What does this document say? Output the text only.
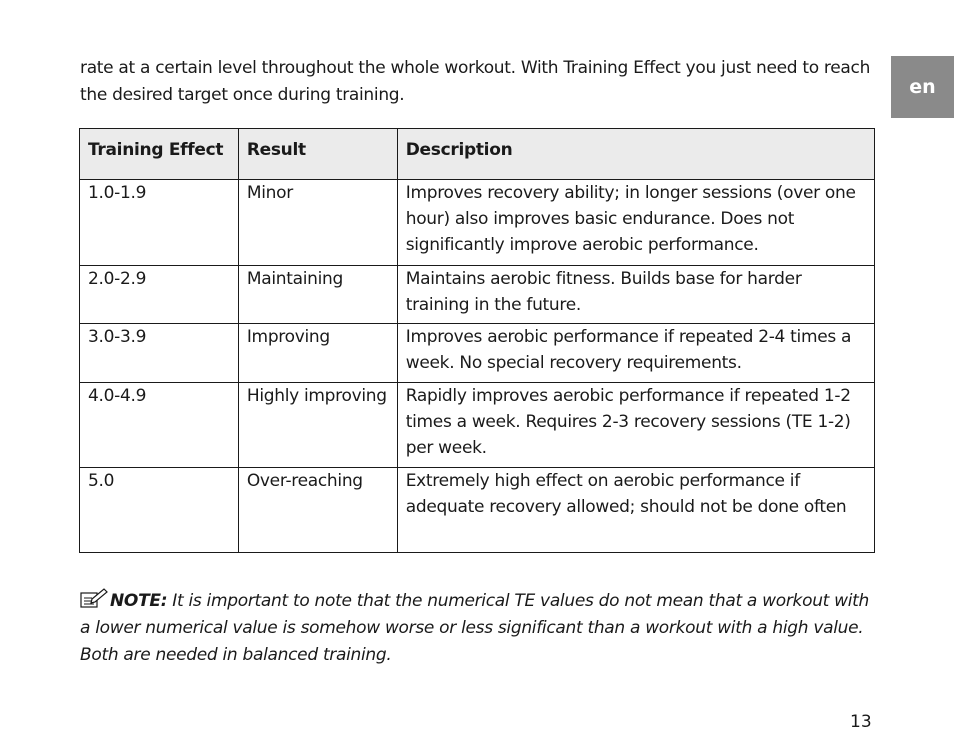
rate at a certain level throughout the whole workout. With Training Effect you just need to reach the desired target once during training.	en
Training Effect	Result	Description
1.0-1.9	Minor	Improves recovery ability; in longer sessions (over one hour) also improves basic endurance. Does not significantly improve aerobic performance.
2.0-2.9	Maintaining	Maintains aerobic fitness. Builds base for harder training in the future.
3.0-3.9	Improving	Improves aerobic performance if repeated 2-4 times a week. No special recovery requirements.
4.0-4.9	Highly improving	Rapidly improves aerobic performance if repeated 1-2 times a week. Requires 2-3 recovery sessions (TE 1-2) per week.
5.0	Over-reaching	Extremely high effect on aerobic performance if adequate recovery allowed; should not be done often

NOTE: It is important to note that the numerical TE values do not mean that a workout with a lower numerical value is somehow worse or less significant than a workout with a high value. Both are needed in balanced training.

13
